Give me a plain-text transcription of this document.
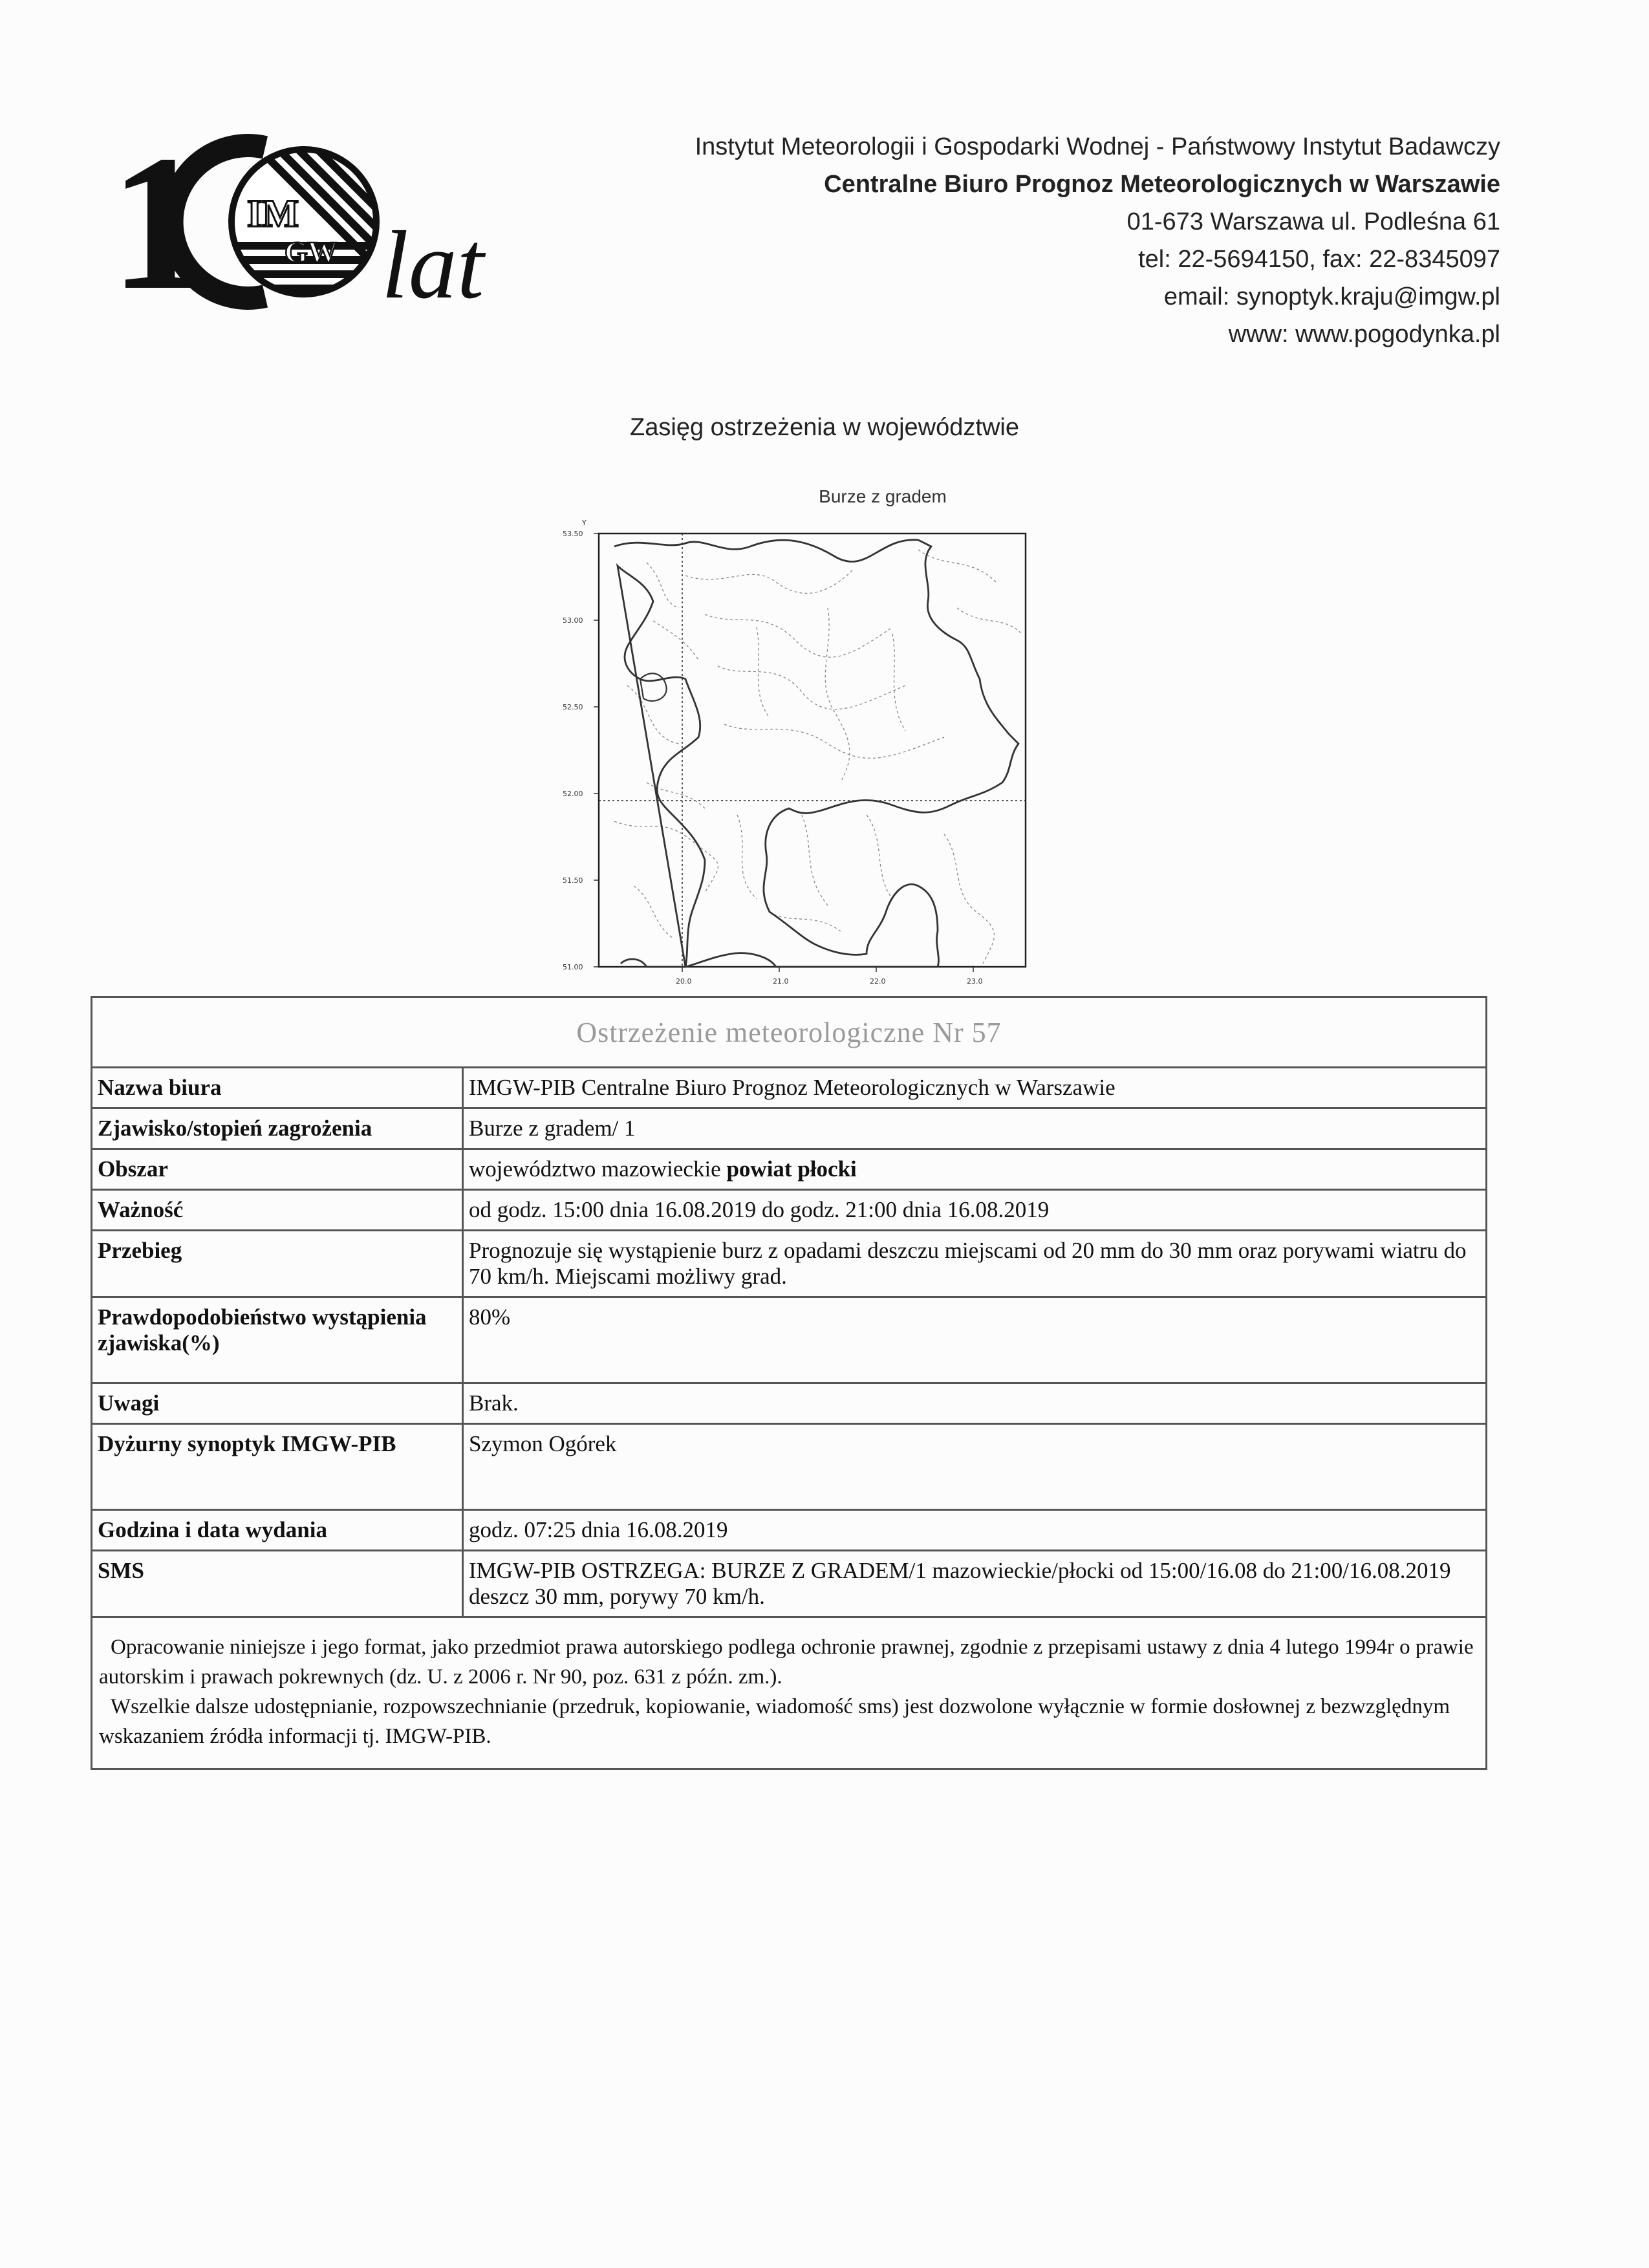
1 IM
GW lat
Instytut Meteorologii i Gospodarki Wodnej - Państwowy Instytut Badawczy
Centralne Biuro Prognoz Meteorologicznych w Warszawie
01-673 Warszawa ul. Podleśna 61
tel: 22-5694150, fax: 22-8345097
email: synoptyk.kraju@imgw.pl
www: www.pogodynka.pl
Zasięg ostrzeżenia w województwie
Burze z gradem
Y
53.50
53.00
52.50
52.00
51.50
51.00
20.0	21.0	22.0	23.0
Ostrzeżenie meteorologiczne Nr 57	
Nazwa biura	IMGW-PIB Centralne Biuro Prognoz Meteorologicznych w Warszawie
Zjawisko/stopień zagrożenia	Burze z gradem/ 1
Obszar	województwo mazowieckie powiat płocki
Ważność	od godz. 15:00 dnia 16.08.2019 do godz. 21:00 dnia 16.08.2019
Przebieg	Prognozuje się wystąpienie burz z opadami deszczu miejscami od 20 mm do 30 mm oraz porywami wiatru do 70 km/h. Miejscami możliwy grad.
Prawdopodobieństwo wystąpienia zjawiska(%)	80%
Uwagi	Brak.
Dyżurny synoptyk IMGW-PIB	Szymon Ogórek
Godzina i data wydania	godz. 07:25 dnia 16.08.2019
SMS	IMGW-PIB OSTRZEGA: BURZE Z GRADEM/1 mazowieckie/płocki od 15:00/16.08 do 21:00/16.08.2019 deszcz 30 mm, porywy 70 km/h.

Opracowanie niniejsze i jego format, jako przedmiot prawa autorskiego podlega ochronie prawnej, zgodnie z przepisami ustawy z dnia 4 lutego 1994r o prawie autorskim i prawach pokrewnych (dz. U. z 2006 r. Nr 90, poz. 631 z późn. zm.).
Wszelkie dalsze udostępnianie, rozpowszechnianie (przedruk, kopiowanie, wiadomość sms) jest dozwolone wyłącznie w formie dosłownej z bezwzględnym wskazaniem źródła informacji tj. IMGW-PIB.	
